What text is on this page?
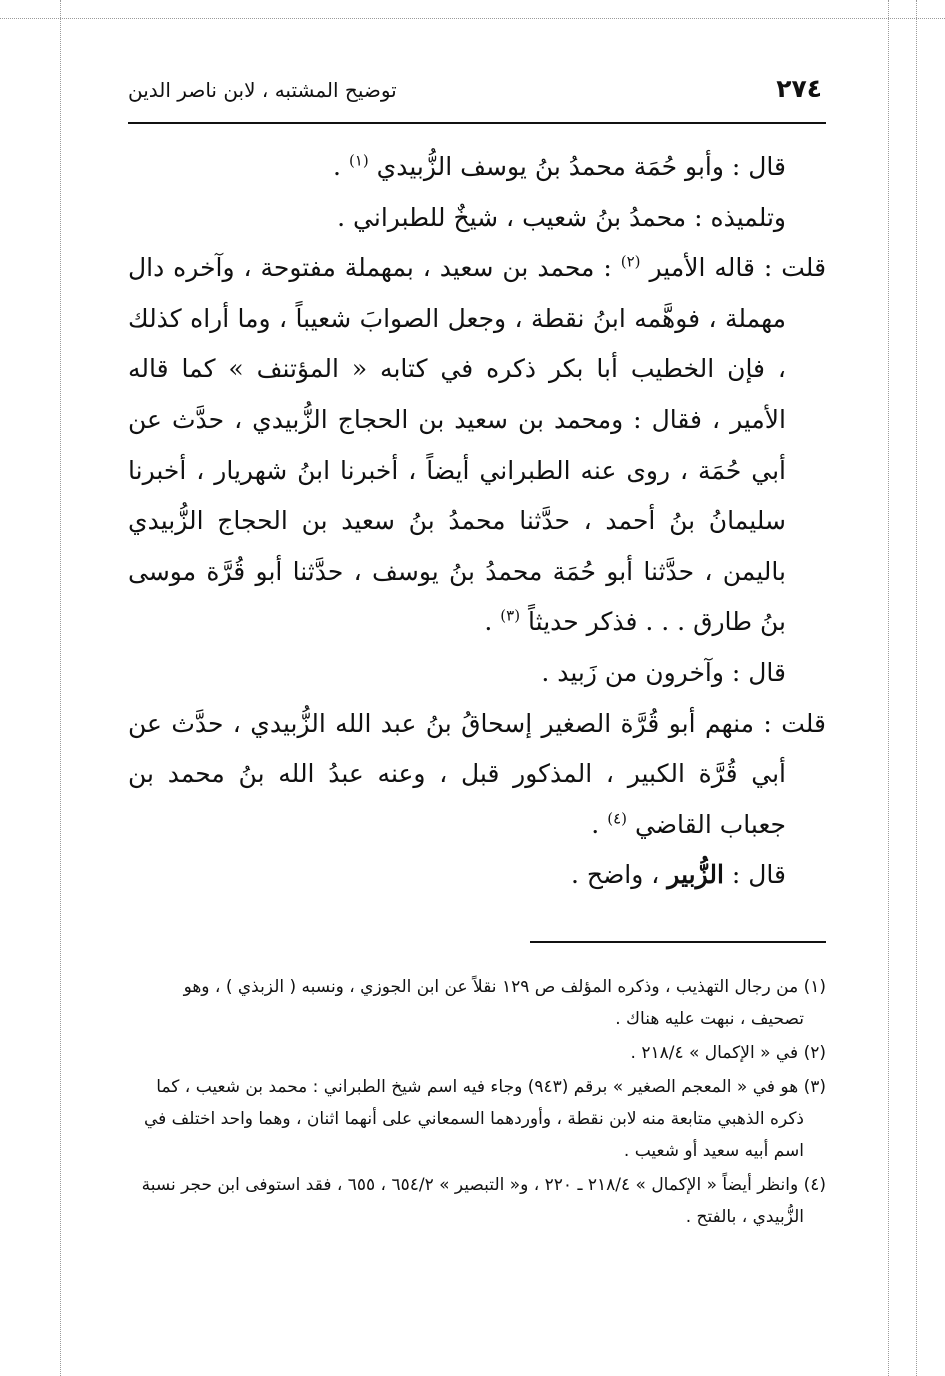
٢٧٤
توضيح المشتبه ، لابن ناصر الدين

قال : وأبو حُمَة محمدُ بنُ يوسف الزُّبيدي $^{(١)}$ .

وتلميذه : محمدُ بنُ شعيب ، شيخٌ للطبراني .

قلت : قاله الأمير $^{(٢)}$ : محمد بن سعيد ، بمهملة مفتوحة ، وآخره دال مهملة ، فوهَّمه ابنُ نقطة ، وجعل الصوابَ شعيباً ، وما أراه كذلك ، فإن الخطيب أبا بكر ذكره في كتابه « المؤتنف » كما قاله الأمير ، فقال : ومحمد بن سعيد بن الحجاج الزُّبيدي ، حدَّث عن أبي حُمَة ، روى عنه الطبراني أيضاً ، أخبرنا ابنُ شهريار ، أخبرنا سليمانُ بنُ أحمد ، حدَّثنا محمدُ بنُ سعيد بن الحجاج الزُّبيدي باليمن ، حدَّثنا أبو حُمَة محمدُ بنُ يوسف ، حدَّثنا أبو قُرَّة موسى بنُ طارق . . . فذكر حديثاً $^{(٣)}$ .

قال : وآخرون من زَبيد .

قلت : منهم أبو قُرَّة الصغير إسحاقُ بنُ عبد الله الزُّبيدي ، حدَّث عن أبي قُرَّة الكبير ، المذكور قبل ، وعنه عبدُ الله بنُ محمد بن جعباب القاضي $^{(٤)}$ .

قال : الزُّبير ، واضح .

(١) من رجال التهذيب ، وذكره المؤلف ص ١٢٩ نقلاً عن ابن الجوزي ، ونسبه ( الزبذي ) ، وهو تصحيف ، نبهت عليه هناك .

(٢) في « الإكمال » ٢١٨/٤ .

(٣) هو في « المعجم الصغير » برقم (٩٤٣) وجاء فيه اسم شيخ الطبراني : محمد بن شعيب ، كما ذكره الذهبي متابعة منه لابن نقطة ، وأوردهما السمعاني على أنهما اثنان ، وهما واحد اختلف في اسم أبيه سعيد أو شعيب .

(٤) وانظر أيضاً « الإكمال » ٢١٨/٤ ـ ٢٢٠ ، و« التبصير » ٦٥٤/٢ ، ٦٥٥ ، فقد استوفى ابن حجر نسبة الزُّبيدي ، بالفتح .
